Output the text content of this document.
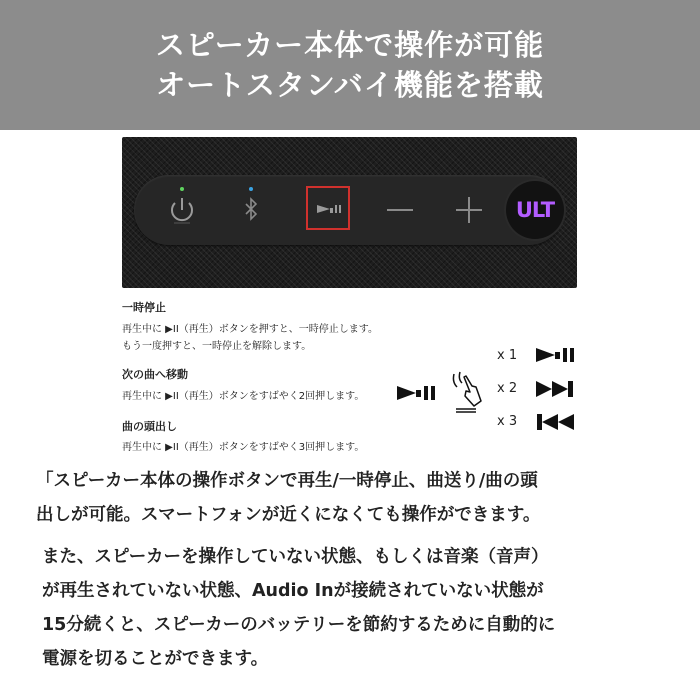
スピーカー本体で操作が可能
オートスタンバイ機能を搭載
ULT
一時停止
再生中に ▶II（再生）ボタンを押すと、一時停止します。
もう一度押すと、一時停止を解除します。
次の曲へ移動
再生中に ▶II（再生）ボタンをすばやく2回押します。
曲の頭出し
再生中に ▶II（再生）ボタンをすばやく3回押します。
x 1
x 2
x 3
「スピーカー本体の操作ボタンで再生/一時停止、曲送り/曲の頭
出しが可能。スマートフォンが近くになくても操作ができます。
また、スピーカーを操作していない状態、もしくは音楽（音声）
が再生されていない状態、Audio Inが接続されていない状態が
15分続くと、スピーカーのバッテリーを節約するために自動的に
電源を切ることができます。
